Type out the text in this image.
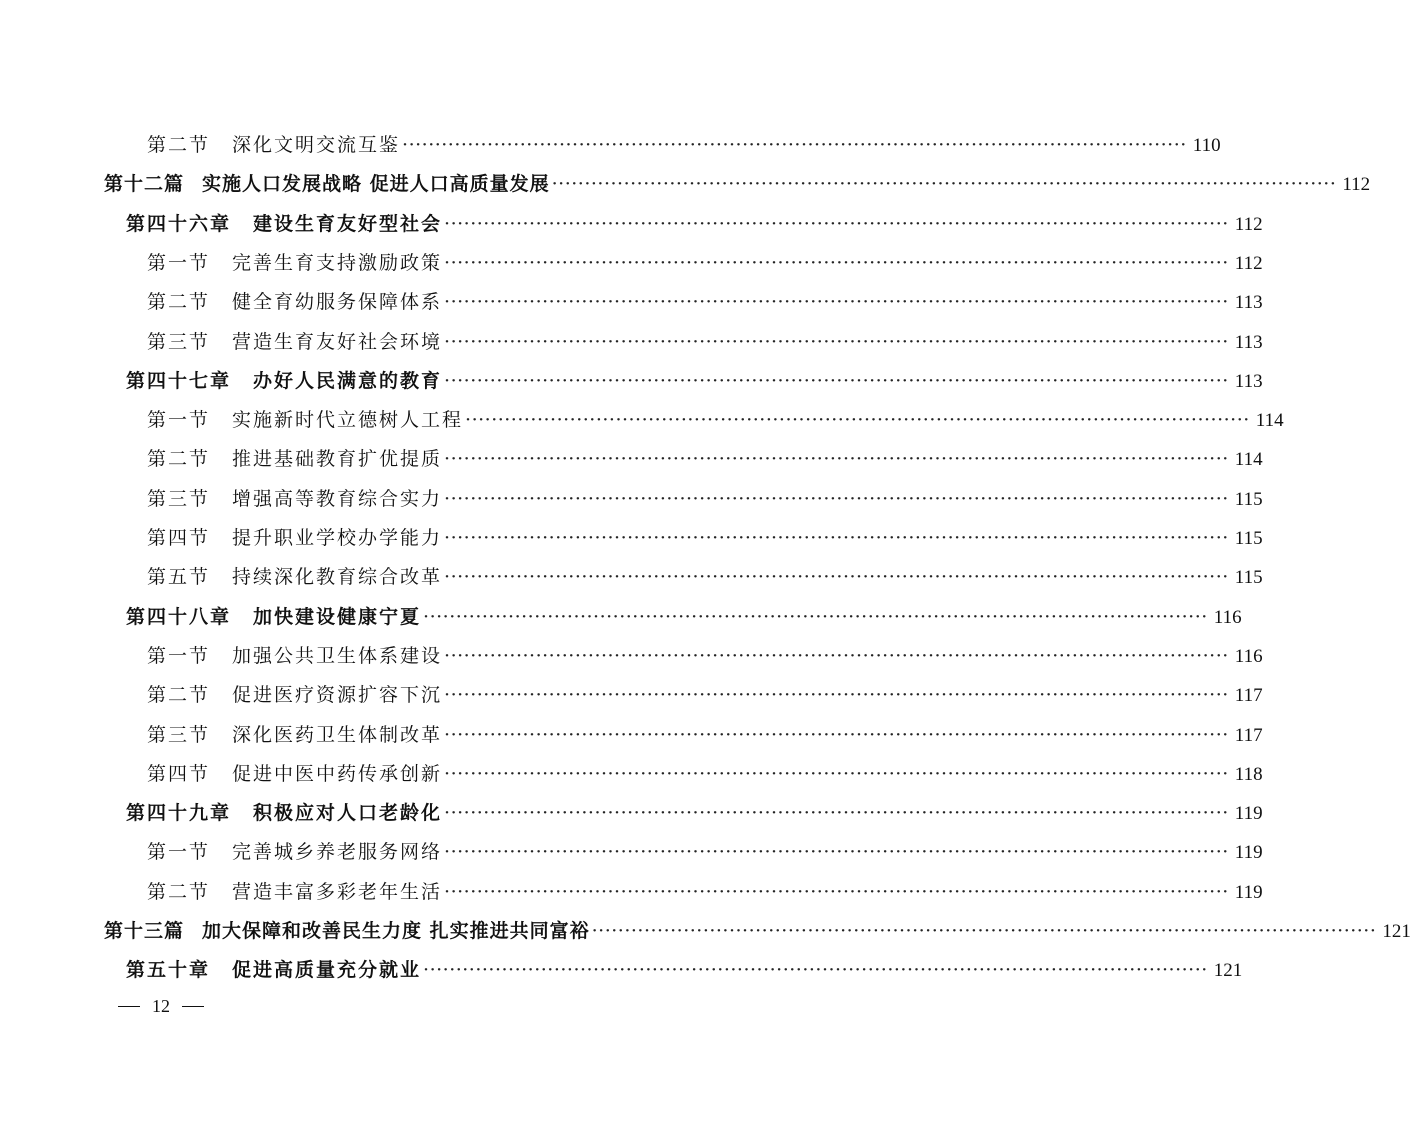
第二节 深化文明交流互鉴 ························································································································ 110
第十二篇 实施人口发展战略 促进人口高质量发展 ························································································································ 112
第四十六章 建设生育友好型社会 ························································································································ 112
第一节 完善生育支持激励政策 ························································································································ 112
第二节 健全育幼服务保障体系 ························································································································ 113
第三节 营造生育友好社会环境 ························································································································ 113
第四十七章 办好人民满意的教育 ························································································································ 113
第一节 实施新时代立德树人工程 ························································································································ 114
第二节 推进基础教育扩优提质 ························································································································ 114
第三节 增强高等教育综合实力 ························································································································ 115
第四节 提升职业学校办学能力 ························································································································ 115
第五节 持续深化教育综合改革 ························································································································ 115
第四十八章 加快建设健康宁夏 ························································································································ 116
第一节 加强公共卫生体系建设 ························································································································ 116
第二节 促进医疗资源扩容下沉 ························································································································ 117
第三节 深化医药卫生体制改革 ························································································································ 117
第四节 促进中医中药传承创新 ························································································································ 118
第四十九章 积极应对人口老龄化 ························································································································ 119
第一节 完善城乡养老服务网络 ························································································································ 119
第二节 营造丰富多彩老年生活 ························································································································ 119
第十三篇 加大保障和改善民生力度 扎实推进共同富裕 ························································································································ 121
第五十章 促进高质量充分就业 ························································································································ 121
12
